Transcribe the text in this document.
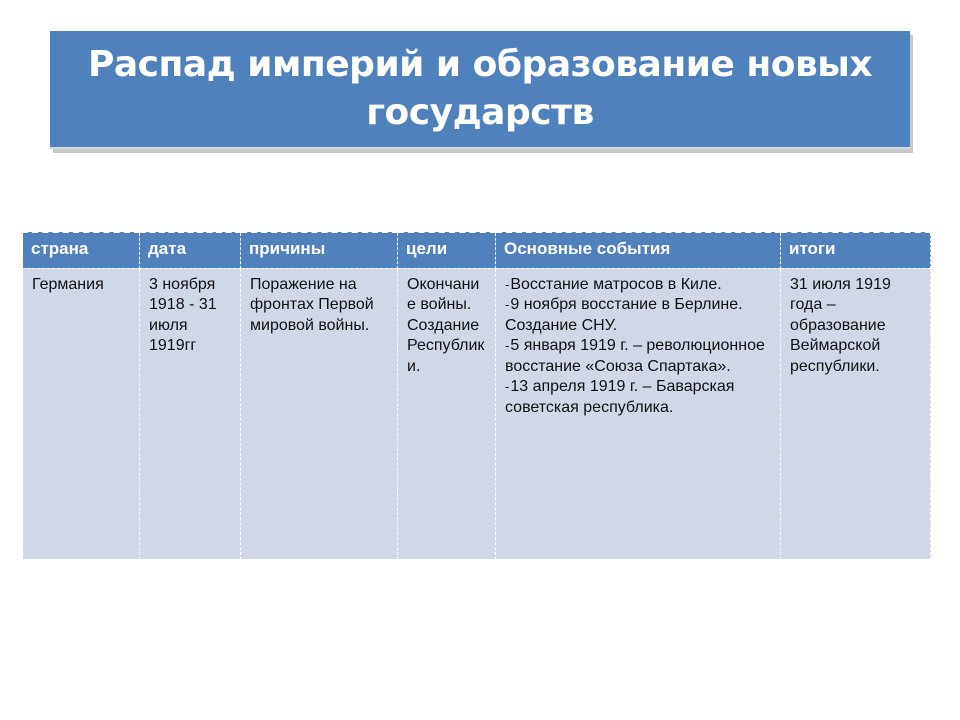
Распад империй и образование новых государств
страна	дата	причины	цели	Основные события	итоги
Германия	3 ноября 1918 - 31 июля 1919гг	Поражение на фронтах Первой мировой войны.	Окончание войны. Создание Республики.	-Восстание матросов в Киле.
-9 ноября восстание в Берлине. Создание СНУ.
-5 января 1919 г. – революционное восстание «Союза Спартака».
-13 апреля 1919 г. – Баварская советская республика.	31 июля 1919 года – образование Веймарской республики.
